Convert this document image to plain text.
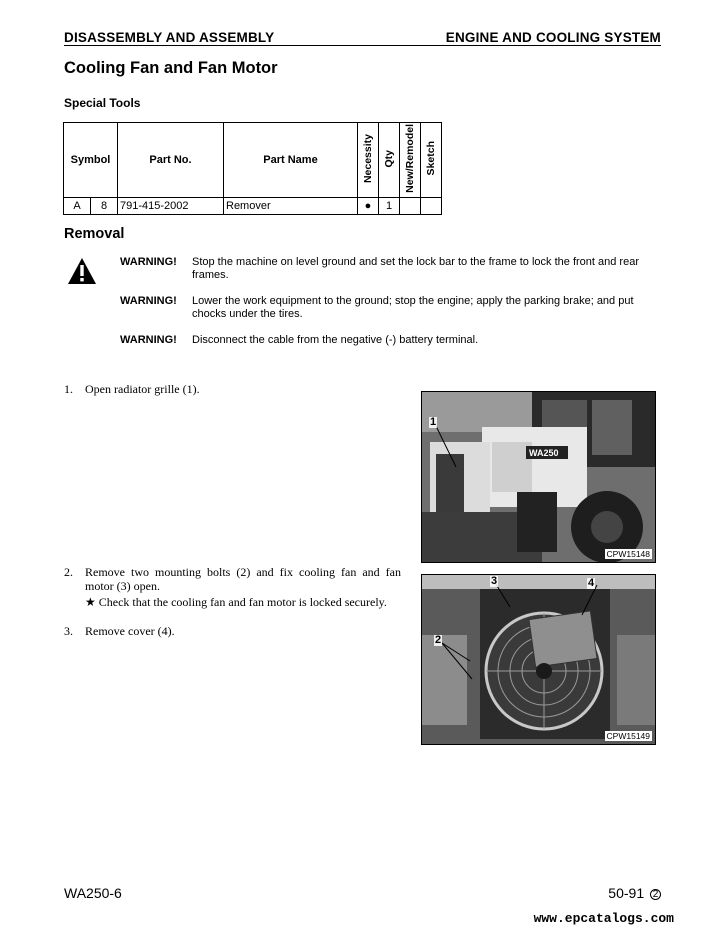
DISASSEMBLY AND ASSEMBLY	ENGINE AND COOLING SYSTEM
Cooling Fan and Fan Motor
Special Tools
Symbol		Part No.	Part Name	Necessity	Qty	New/Remodel	Sketch
A	8	791-415-2002	Remover	●	1		
Removal
WARNING! Stop the machine on level ground and set the lock bar to the frame to lock the front and rear frames.
WARNING! Lower the work equipment to the ground; stop the engine; apply the parking brake; and put chocks under the tires.
WARNING! Disconnect the cable from the negative (-) battery terminal.
1. Open radiator grille (1).
2. Remove two mounting bolts (2) and fix cooling fan and fan motor (3) open.
★ Check that the cooling fan and fan motor is locked securely.
3. Remove cover (4).
WA250
1
CPW15148
3	4
2
CPW15149
WA250-6	50-91 2
www.epcatalogs.com
